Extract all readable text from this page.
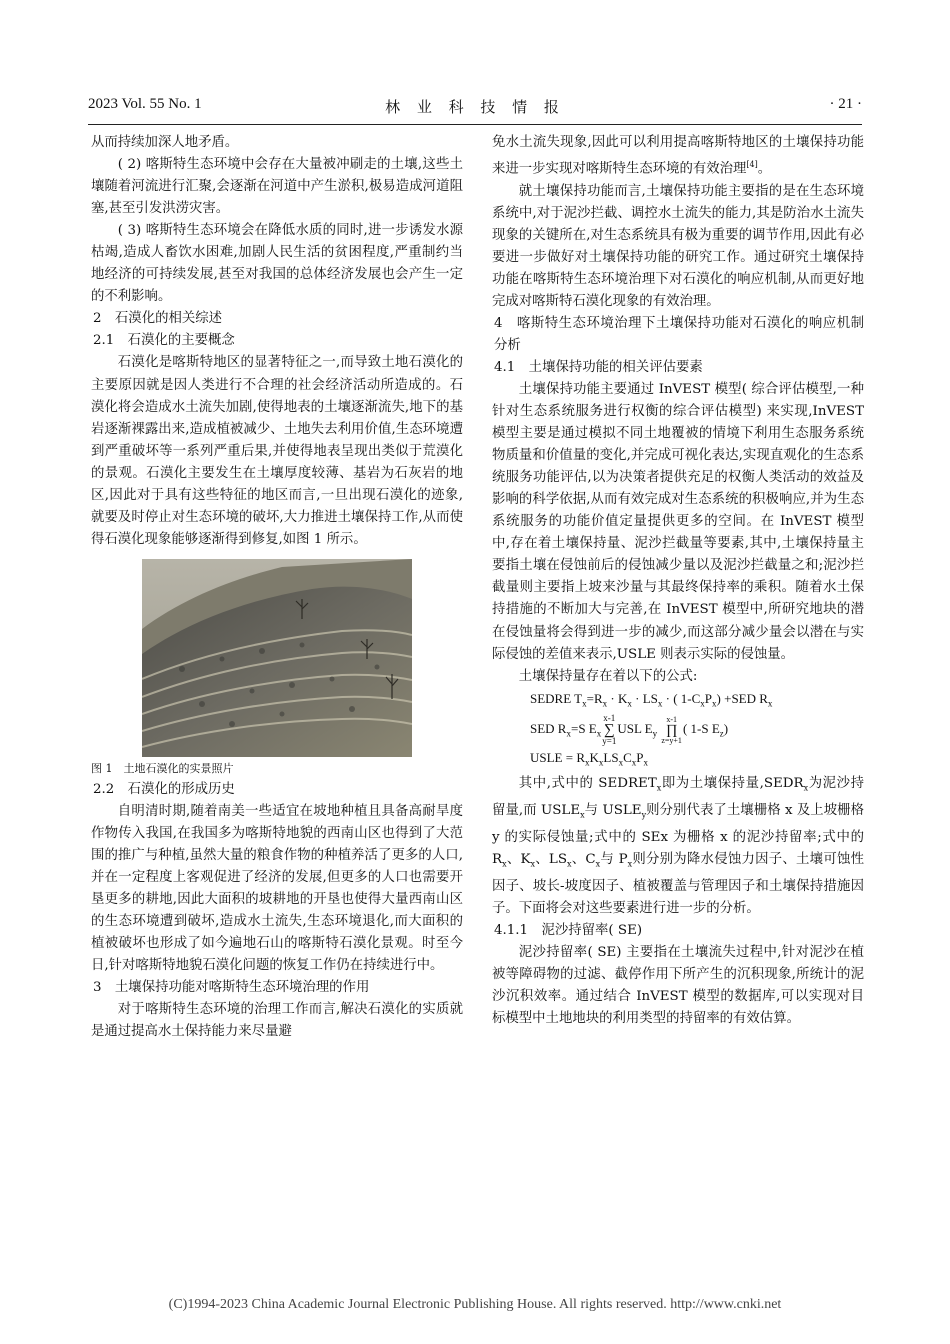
2023 Vol. 55 No. 1	林 业 科 技 情 报	· 21 ·

从而持续加深人地矛盾。

( 2) 喀斯特生态环境中会存在大量被冲刷走的土壤,这些土壤随着河流进行汇聚,会逐渐在河道中产生淤积,极易造成河道阻塞,甚至引发洪涝灾害。

( 3) 喀斯特生态环境会在降低水质的同时,进一步诱发水源枯竭,造成人畜饮水困难,加剧人民生活的贫困程度,严重制约当地经济的可持续发展,甚至对我国的总体经济发展也会产生一定的不利影响。

2　石漠化的相关综述

2.1　石漠化的主要概念

石漠化是喀斯特地区的显著特征之一,而导致土地石漠化的主要原因就是因人类进行不合理的社会经济活动所造成的。石漠化将会造成水土流失加剧,使得地表的土壤逐渐流失,地下的基岩逐渐裸露出来,造成植被减少、土地失去利用价值,生态环境遭到严重破坏等一系列严重后果,并使得地表呈现出类似于荒漠化的景观。石漠化主要发生在土壤厚度较薄、基岩为石灰岩的地区,因此对于具有这些特征的地区而言,一旦出现石漠化的迹象,就要及时停止对生态环境的破坏,大力推进土壤保持工作,从而使得石漠化现象能够逐渐得到修复,如图 1 所示。

图 1　土地石漠化的实景照片

2.2　石漠化的形成历史

自明清时期,随着南美一些适宜在坡地种植且具备高耐旱度作物传入我国,在我国多为喀斯特地貌的西南山区也得到了大范围的推广与种植,虽然大量的粮食作物的种植养活了更多的人口,并在一定程度上客观促进了经济的发展,但更多的人口也需要开垦更多的耕地,因此大面积的坡耕地的开垦也使得大量西南山区的生态环境遭到破坏,造成水土流失,生态环境退化,而大面积的植被破坏也形成了如今遍地石山的喀斯特石漠化景观。时至今日,针对喀斯特地貌石漠化问题的恢复工作仍在持续进行中。

3　土壤保持功能对喀斯特生态环境治理的作用

对于喀斯特生态环境的治理工作而言,解决石漠化的实质就是通过提高水土保持能力来尽量避

免水土流失现象,因此可以利用提高喀斯特地区的土壤保持功能来进一步实现对喀斯特生态环境的有效治理[4]。

就土壤保持功能而言,土壤保持功能主要指的是在生态环境系统中,对于泥沙拦截、调控水土流失的能力,其是防治水土流失现象的关键所在,对生态系统具有极为重要的调节作用,因此有必要进一步做好对土壤保持功能的研究工作。通过研究土壤保持功能在喀斯特生态环境治理下对石漠化的响应机制,从而更好地完成对喀斯特石漠化现象的有效治理。

4　喀斯特生态环境治理下土壤保持功能对石漠化的响应机制分析

4.1　土壤保持功能的相关评估要素

土壤保持功能主要通过 InVEST 模型( 综合评估模型,一种针对生态系统服务进行权衡的综合评估模型) 来实现,InVEST 模型主要是通过模拟不同土地覆被的情境下利用生态服务系统物质量和价值量的变化,并完成可视化表达,实现直观化的生态系统服务功能评估,以为决策者提供充足的权衡人类活动的效益及影响的科学依据,从而有效完成对生态系统的积极响应,并为生态系统服务的功能价值定量提供更多的空间。在 InVEST 模型中,存在着土壤保持量、泥沙拦截量等要素,其中,土壤保持量主要指土壤在侵蚀前后的侵蚀减少量以及泥沙拦截量之和;泥沙拦截量则主要指上坡来沙量与其最终保持率的乘积。随着水土保持措施的不断加大与完善,在 InVEST 模型中,所研究地块的潜在侵蚀量将会得到进一步的减少,而这部分减少量会以潜在与实际侵蚀的差值来表示,USLE 则表示实际的侵蚀量。

土壤保持量存在着以下的公式:

SEDRE $T_x=R_x \cdot K_x \cdot LS_x$ · ( $1-C_xP_x) +SED$ $R_x$
SED $R_x=S$ $E_xx-1$
∑
y=1USL $E_y$ x-1
∏
z=y+1( 1-S $E_z$)
USLE = $R_xK_xLS_xC_xP_x$

其中,式中的 $SEDRET_x$即为土壤保持量$,SEDR_x$为泥沙持留量,而 $USLE_x$与 $USLE_y$则分别代表了土壤栅格 x 及上坡栅格 y 的实际侵蚀量;式中的 SEx 为栅格 x 的泥沙持留率;式中的 $R_x$、$K_x$、$LS_x$、$C_x$与 $P_x$则分别为降水侵蚀力因子、土壤可蚀性因子、坡长-坡度因子、植被覆盖与管理因子和土壤保持措施因子。下面将会对这些要素进行进一步的分析。

4.1.1　泥沙持留率( SE)

泥沙持留率( SE) 主要指在土壤流失过程中,针对泥沙在植被等障碍物的过滤、截停作用下所产生的沉积现象,所统计的泥沙沉积效率。通过结合 InVEST 模型的数据库,可以实现对目标模型中土地地块的利用类型的持留率的有效估算。

(C)1994-2023 China Academic Journal Electronic Publishing House. All rights reserved. http://www.cnki.net
